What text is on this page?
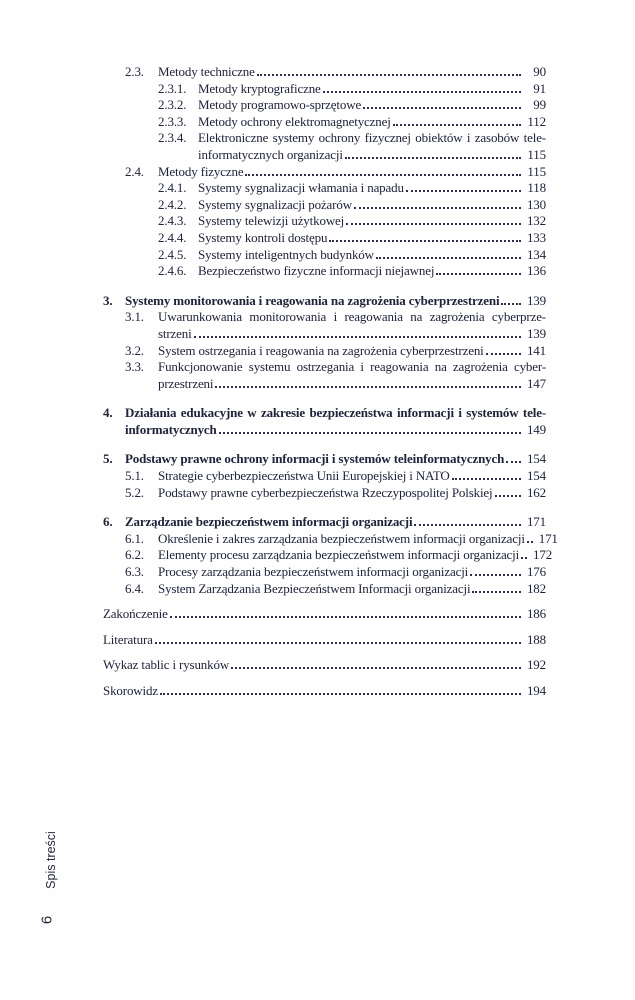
2.3.	Metody techniczne	90
2.3.1. Metody kryptograficzne	91
2.3.2. Metody programowo-sprzętowe	99
2.3.3. Metody ochrony elektromagnetycznej	112
2.3.4. Elektroniczne systemy ochrony fizycznej obiektów i zasobów tele-
informatycznych organizacji	115
2.4.	Metody fizyczne	115
2.4.1. Systemy sygnalizacji włamania i napadu	118
2.4.2. Systemy sygnalizacji pożarów	130
2.4.3. Systemy telewizji użytkowej	132
2.4.4. Systemy kontroli dostępu	133
2.4.5. Systemy inteligentnych budynków	134
2.4.6. Bezpieczeństwo fizyczne informacji niejawnej	136
3. Systemy monitorowania i reagowania na zagrożenia cyberprzestrzeni	139
3.1.	Uwarunkowania monitorowania i reagowania na zagrożenia cyberprze-
strzeni	139
3.2.	System ostrzegania i reagowania na zagrożenia cyberprzestrzeni	141
3.3.	Funkcjonowanie systemu ostrzegania i reagowania na zagrożenia cyber-
przestrzeni	147
4. Działania edukacyjne w zakresie bezpieczeństwa informacji i systemów tele-
informatycznych	149
5. Podstawy prawne ochrony informacji i systemów teleinformatycznych	154
5.1.	Strategie cyberbezpieczeństwa Unii Europejskiej i NATO	154
5.2.	Podstawy prawne cyberbezpieczeństwa Rzeczypospolitej Polskiej	162
6. Zarządzanie bezpieczeństwem informacji organizacji	171
6.1.	Określenie i zakres zarządzania bezpieczeństwem informacji organizacji	171
6.2.	Elementy procesu zarządzania bezpieczeństwem informacji organizacji	172
6.3.	Procesy zarządzania bezpieczeństwem informacji organizacji	176
6.4.	System Zarządzania Bezpieczeństwem Informacji organizacji	182
Zakończenie	186
Literatura	188
Wykaz tablic i rysunków	192
Skorowidz	194
Spis treści
6
